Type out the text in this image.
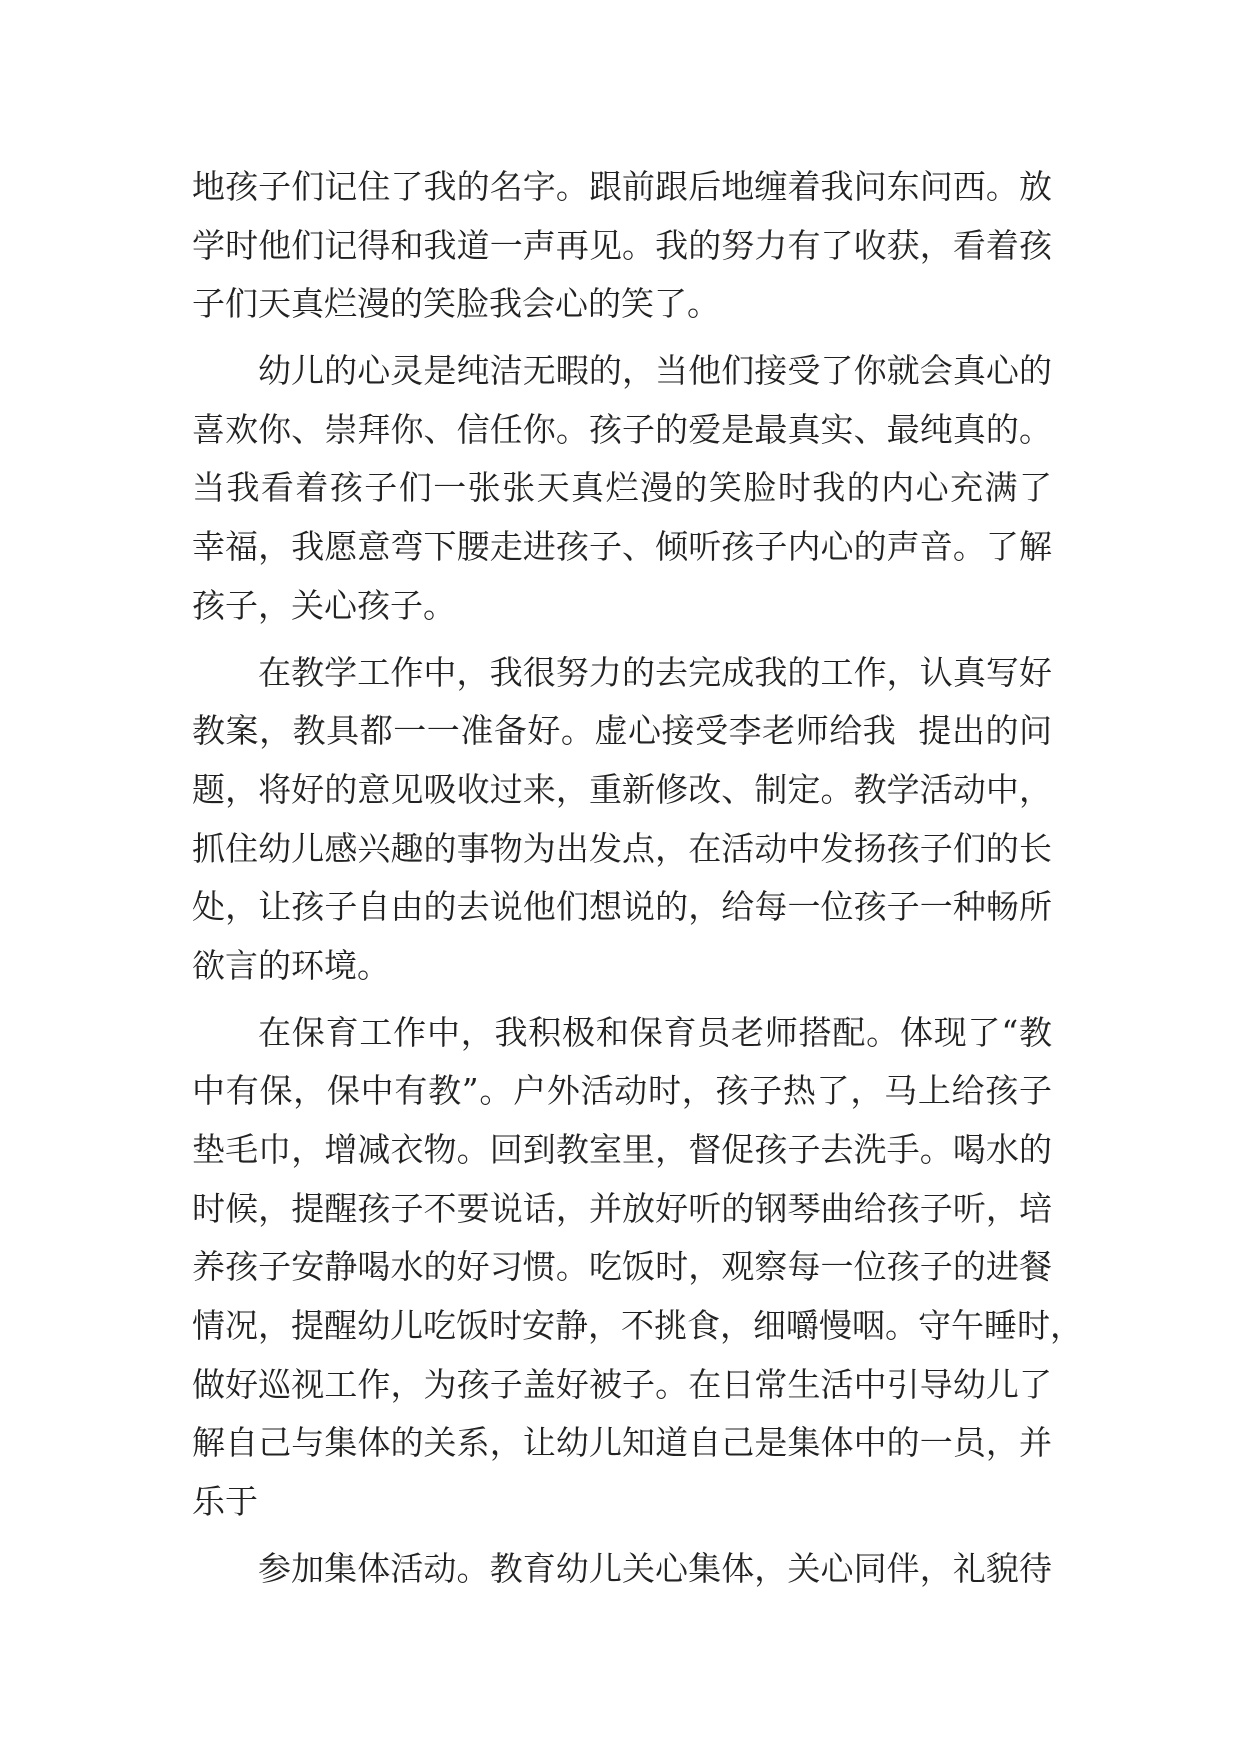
地孩子们记住了我的名字。跟前跟后地缠着我问东问西。放
学时他们记得和我道一声再见。我的努力有了收获，看着孩
子们天真烂漫的笑脸我会心的笑了。
幼儿的心灵是纯洁无暇的，当他们接受了你就会真心的
喜欢你、崇拜你、信任你。孩子的爱是最真实、最纯真的。
当我看着孩子们一张张天真烂漫的笑脸时我的内心充满了
幸福，我愿意弯下腰走进孩子、倾听孩子内心的声音。了解
孩子，关心孩子。
在教学工作中，我很努力的去完成我的工作，认真写好
教案，教具都一一准备好。虚心接受李老师给我  提出的问
题，将好的意见吸收过来，重新修改、制定。教学活动中，
抓住幼儿感兴趣的事物为出发点，在活动中发扬孩子们的长
处，让孩子自由的去说他们想说的，给每一位孩子一种畅所
欲言的环境。
在保育工作中，我积极和保育员老师搭配。体现了“教
中有保，保中有教”。户外活动时，孩子热了，马上给孩子
垫毛巾，增减衣物。回到教室里，督促孩子去洗手。喝水的
时候，提醒孩子不要说话，并放好听的钢琴曲给孩子听，培
养孩子安静喝水的好习惯。吃饭时，观察每一位孩子的进餐
情况，提醒幼儿吃饭时安静，不挑食，细嚼慢咽。守午睡时，
做好巡视工作，为孩子盖好被子。在日常生活中引导幼儿了
解自己与集体的关系，让幼儿知道自己是集体中的一员，并
乐于
参加集体活动。教育幼儿关心集体，关心同伴，礼貌待
